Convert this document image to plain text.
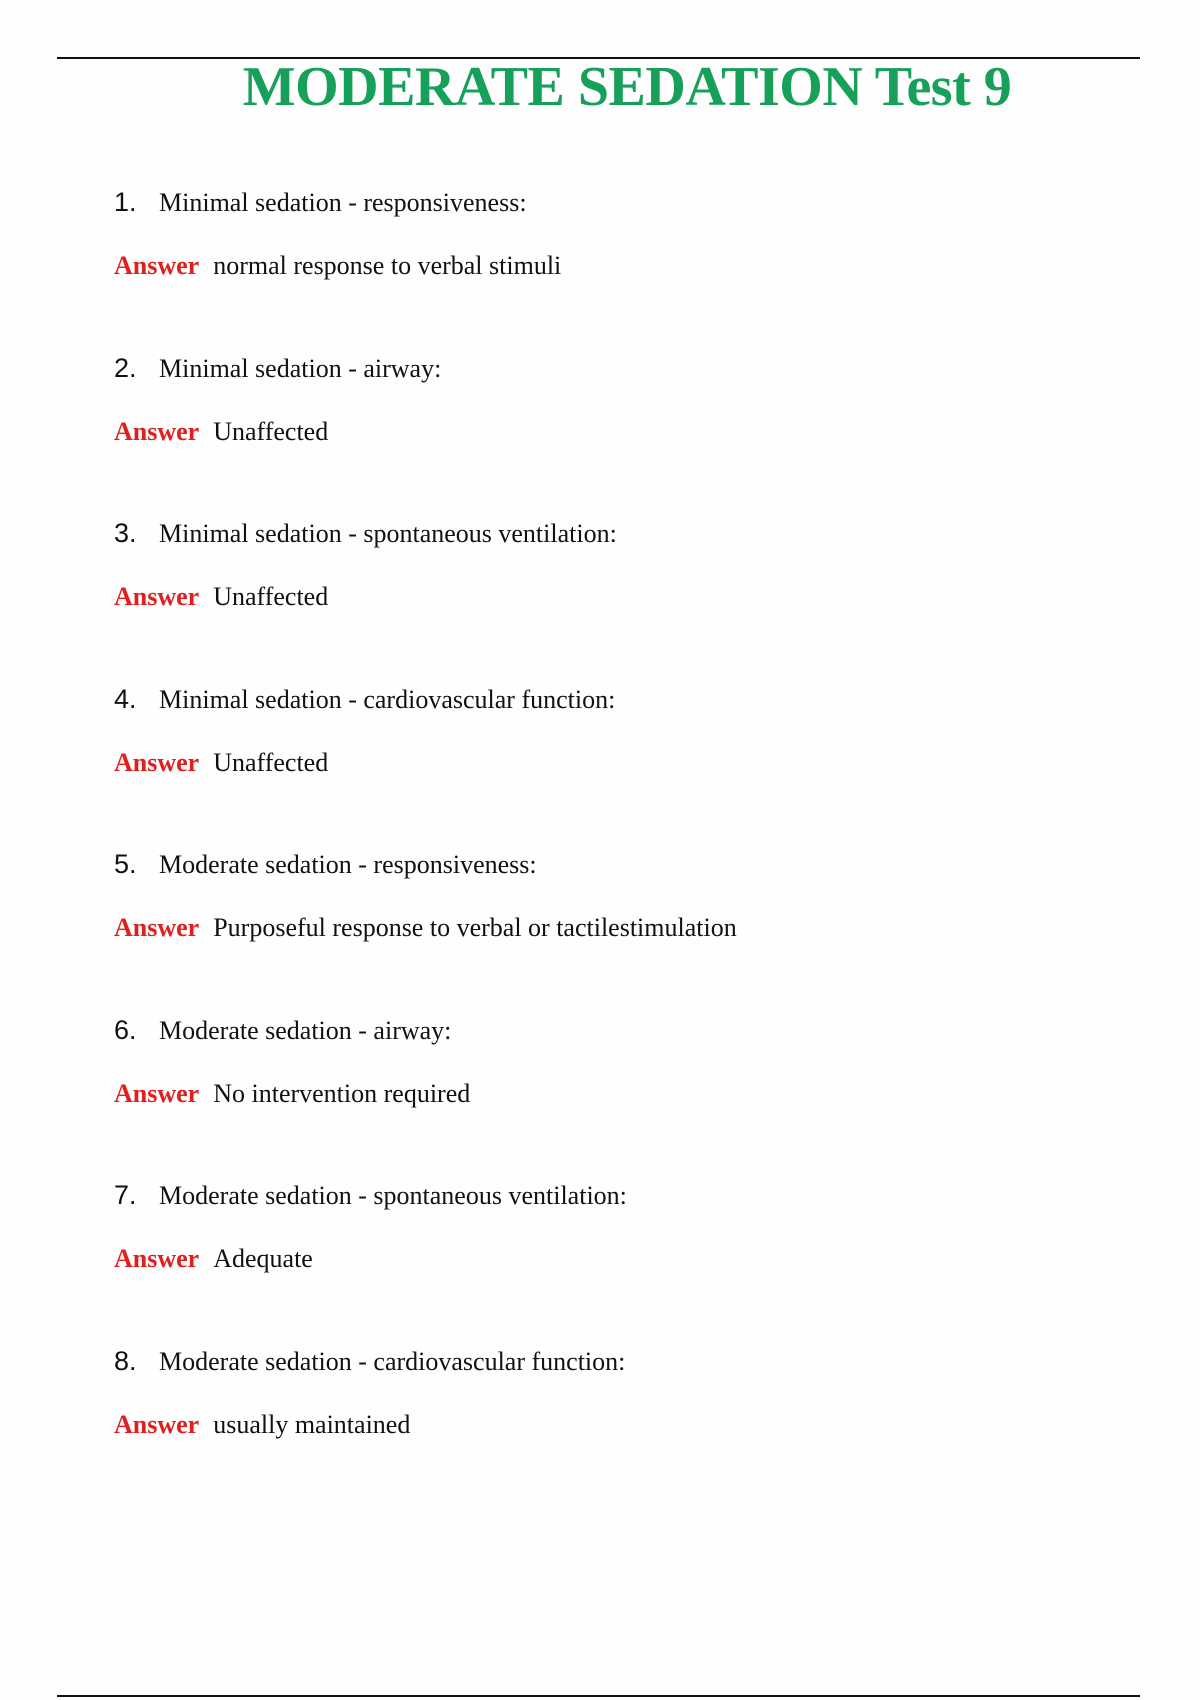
MODERATE SEDATION Test 9
1. Minimal sedation - responsiveness:
Answer normal response to verbal stimuli
2. Minimal sedation - airway:
Answer Unaffected
3. Minimal sedation - spontaneous ventilation:
Answer Unaffected
4. Minimal sedation - cardiovascular function:
Answer Unaffected
5. Moderate sedation - responsiveness:
Answer Purposeful response to verbal or tactilestimulation
6. Moderate sedation - airway:
Answer No intervention required
7. Moderate sedation - spontaneous ventilation:
Answer Adequate
8. Moderate sedation - cardiovascular function:
Answer usually maintained
